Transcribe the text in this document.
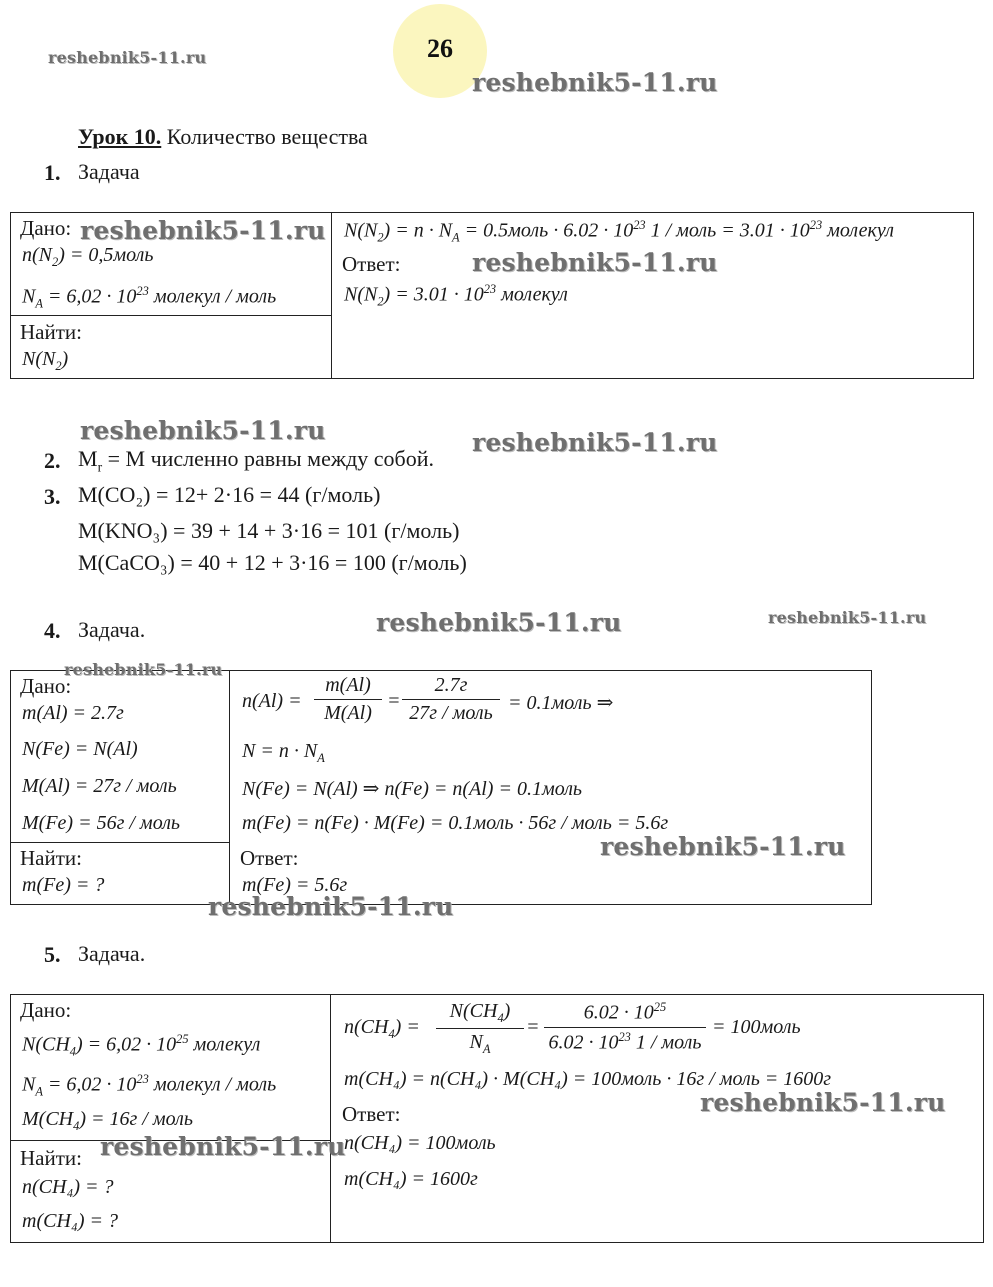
26
reshebnik5-11.ru
reshebnik5-11.ru
reshebnik5-11.ru
reshebnik5-11.ru
reshebnik5-11.ru	reshebnik5-11.ru
reshebnik5-11.ru	reshebnik5-11.ru
reshebnik5-11.ru
reshebnik5-11.ru
reshebnik5-11.ru
reshebnik5-11.ru
reshebnik5-11.ru
Урок 10. Количество вещества
1. Задача
Дано:
$n(N_2)$ = 0,5моль
$N_A = 6,02 \cdot 10^{23}$ молекул / моль
Найти:
$N(N_2)$
$N(N_2) = n \cdot N_A$ = 0.5моль · $6.02 \cdot 10^{23}$ 1 / моль = $3.01 \cdot 10^{23}$ молекул
Ответ:
$N(N_2) = 3.01 \cdot 10^{23}$ молекул
2. $M_r = M$ численно равны между собой.
3. M(CO₂) = 12+ 2·16 = 44 (г/моль)
M(KNO₃) = 39 + 14 + 3·16 = 101 (г/моль)
M(CaCO₃) = 40 + 12 + 3·16 = 100 (г/моль)
4. Задача.
Дано:
m(Al) = 2.7г
N(Fe) = N(Al)
M(Al) = 27г / моль
M(Fe) = 56г / моль
Найти:
m(Fe) = ?
n(Al) =
m(Al)
M(Al)
=
2.7г
27г / моль = 0.1моль ⇒
$N = n \cdot N_A$
N(Fe) = N(Al) ⇒ n(Fe) = n(Al) = 0.1моль
m(Fe) = n(Fe) · M(Fe) = 0.1моль · 56г / моль = 5.6г
Ответ:
m(Fe) = 5.6г
5. Задача.
Дано:
$N(CH_4) = 6,02 \cdot 10^{25}$ молекул
$N_A = 6,02 \cdot 10^{23}$ молекул / моль
$M(CH_4) = 16г$ / моль
Найти:
n(CH₄) = ?
m(CH₄) = ?
$n(CH_4)$ =
$N(CH_4)$
$N_A$
=
$6.02 \cdot 10^{25}$
$6.02 \cdot 10^{23}$ 1 / моль
= 100моль
m(CH₄) = n(CH₄) · M(CH₄) = 100моль · 16г / моль = 1600г
Ответ:
n(CH₄) = 100моль
m(CH₄) = 1600г
